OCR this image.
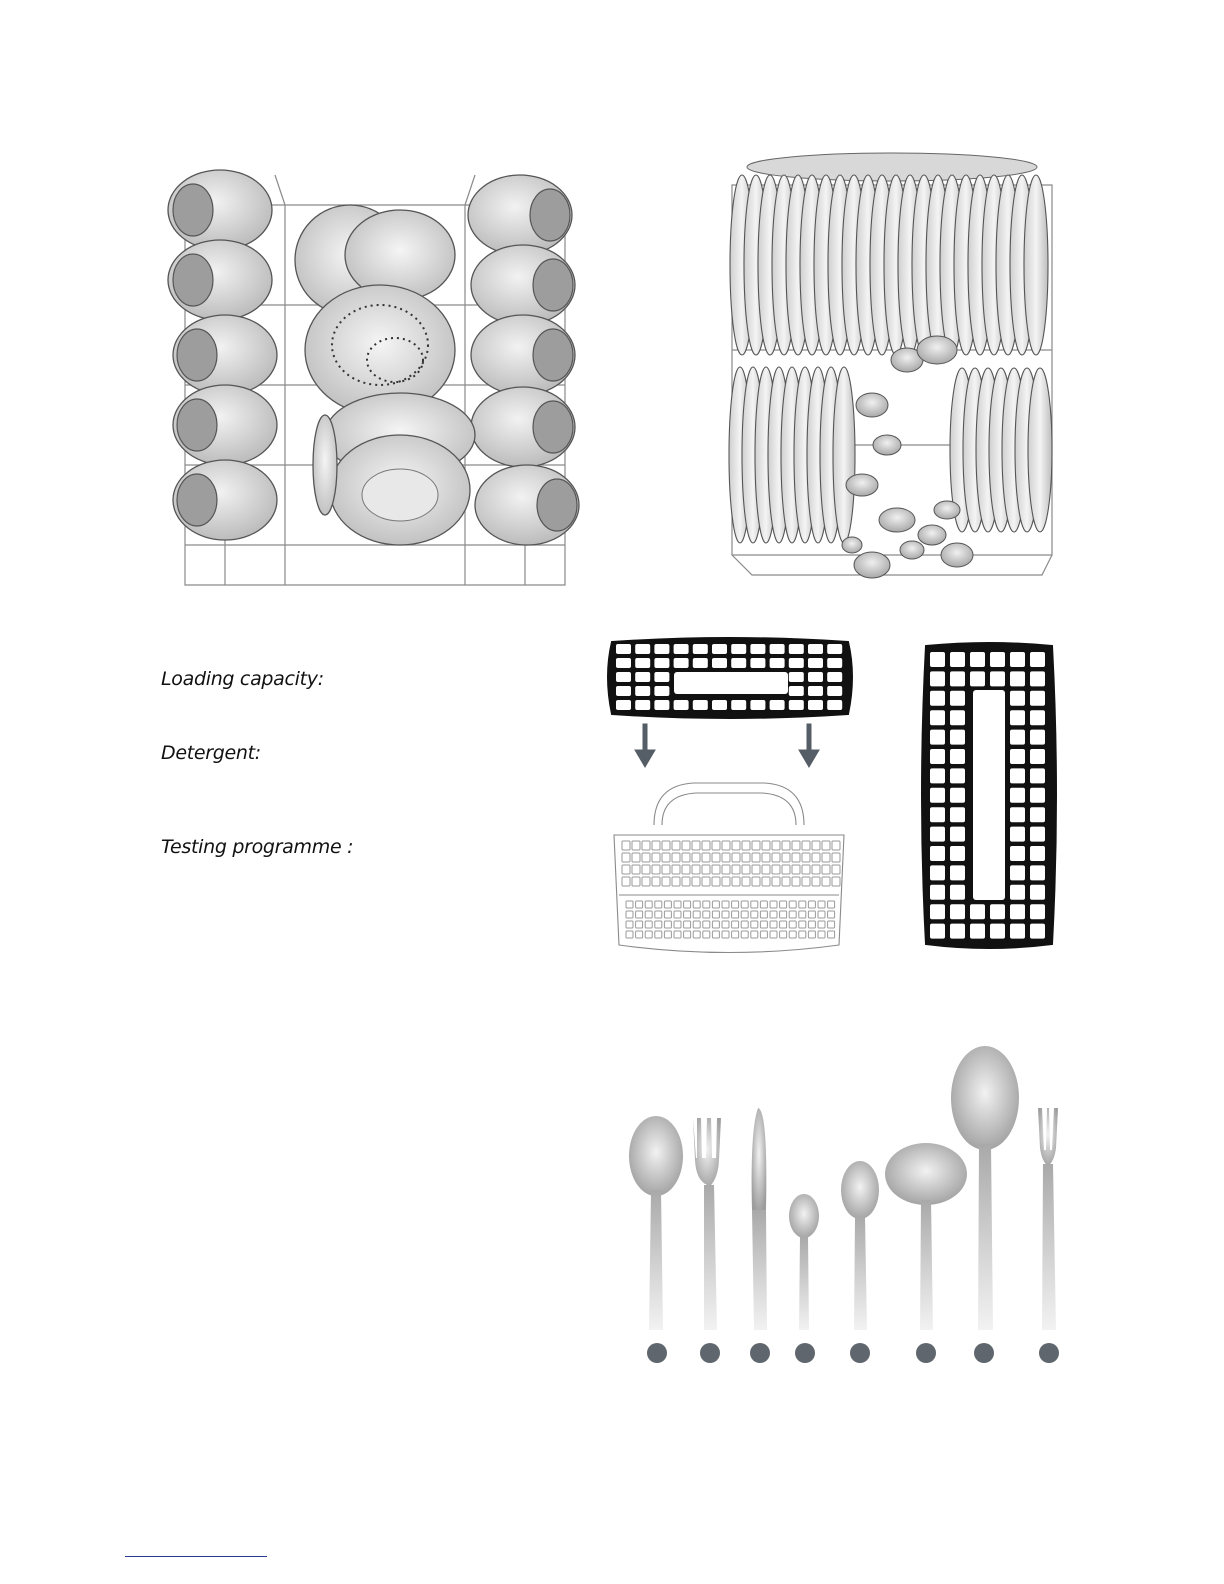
Loading capacity:
Detergent:
Testing programme :
